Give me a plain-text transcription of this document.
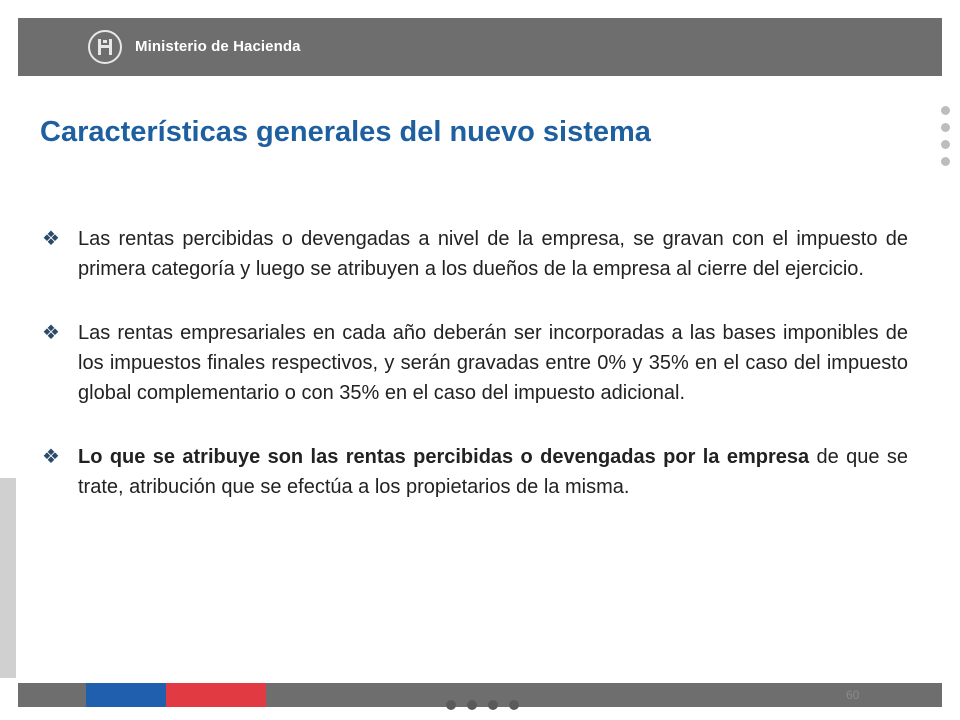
Ministerio de Hacienda
Características generales del nuevo sistema
❖ Las rentas percibidas o devengadas a nivel de la empresa, se gravan con el impuesto de primera categoría y luego se atribuyen a los dueños de la empresa al cierre del ejercicio.
❖ Las rentas empresariales en cada año deberán ser incorporadas a las bases imponibles de los impuestos finales respectivos, y serán gravadas entre 0% y 35% en el caso del impuesto global complementario o con 35% en el caso del impuesto adicional.
❖ Lo que se atribuye son las rentas percibidas o devengadas por la empresa de que se trate, atribución que se efectúa a los propietarios de la misma.
60
